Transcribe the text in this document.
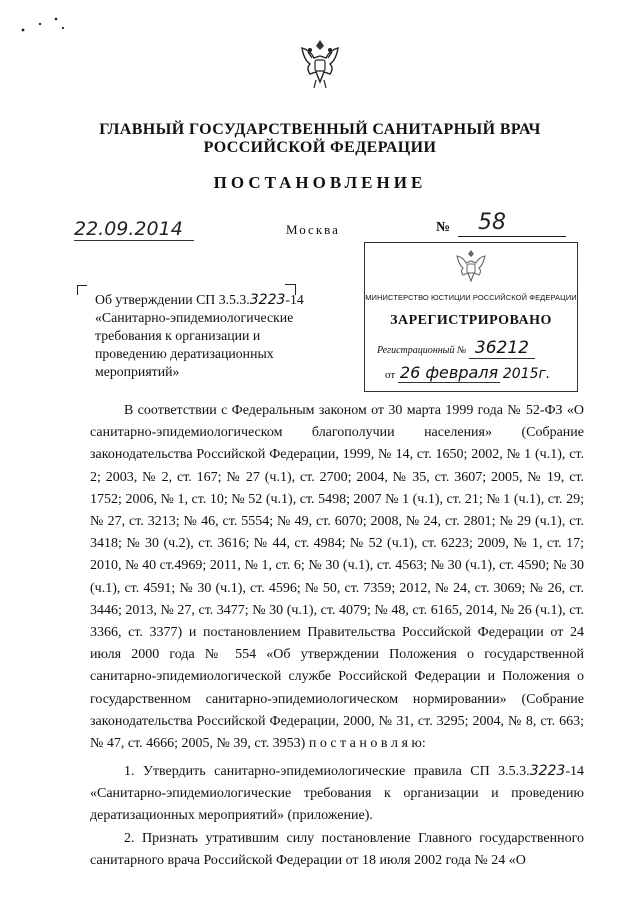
ГЛАВНЫЙ ГОСУДАРСТВЕННЫЙ САНИТАРНЫЙ ВРАЧ
РОССИЙСКОЙ ФЕДЕРАЦИИ
ПОСТАНОВЛЕНИЕ
22.09.2014	Москва	№ 58
МИНИСТЕРСТВО ЮСТИЦИИ РОССИЙСКОЙ ФЕДЕРАЦИИ
ЗАРЕГИСТРИРОВАНО
Регистрационный № 36212
от 26 февраля 2015г.
Об утверждении СП 3.5.3.3223-14
«Санитарно-эпидемиологические требования к организации и проведению дератизационных мероприятий»

В соответствии с Федеральным законом от 30 марта 1999 года № 52-ФЗ «О санитарно-эпидемиологическом благополучии населения» (Собрание законодательства Российской Федерации, 1999, № 14, ст. 1650; 2002, № 1 (ч.1), ст. 2; 2003, № 2, ст. 167; № 27 (ч.1), ст. 2700; 2004, № 35, ст. 3607; 2005, № 19, ст. 1752; 2006, № 1, ст. 10; № 52 (ч.1), ст. 5498; 2007 № 1 (ч.1), ст. 21; № 1 (ч.1), ст. 29; № 27, ст. 3213; № 46, ст. 5554; № 49, ст. 6070; 2008, № 24, ст. 2801; № 29 (ч.1), ст. 3418; № 30 (ч.2), ст. 3616; № 44, ст. 4984; № 52 (ч.1), ст. 6223; 2009, № 1, ст. 17; 2010, № 40 ст.4969; 2011, № 1, ст. 6; № 30 (ч.1), ст. 4563; № 30 (ч.1), ст. 4590; № 30 (ч.1), ст. 4591; № 30 (ч.1), ст. 4596; № 50, ст. 7359; 2012, № 24, ст. 3069; № 26, ст. 3446; 2013, № 27, ст. 3477; № 30 (ч.1), ст. 4079; № 48, ст. 6165, 2014, № 26 (ч.1), ст. 3366, ст. 3377) и постановлением Правительства Российской Федерации от 24 июля 2000 года № 554 «Об утверждении Положения о государственной санитарно-эпидемиологической службе Российской Федерации и Положения о государственном санитарно-эпидемиологическом нормировании» (Собрание законодательства Российской Федерации, 2000, № 31, ст. 3295; 2004, № 8, ст. 663; № 47, ст. 4666; 2005, № 39, ст. 3953) п о с т а н о в л я ю:

1. Утвердить санитарно-эпидемиологические правила СП 3.5.3.3223-14 «Санитарно-эпидемиологические требования к организации и проведению дератизационных мероприятий» (приложение).

2. Признать утратившим силу постановление Главного государственного санитарного врача Российской Федерации от 18 июля 2002 года № 24 «О
